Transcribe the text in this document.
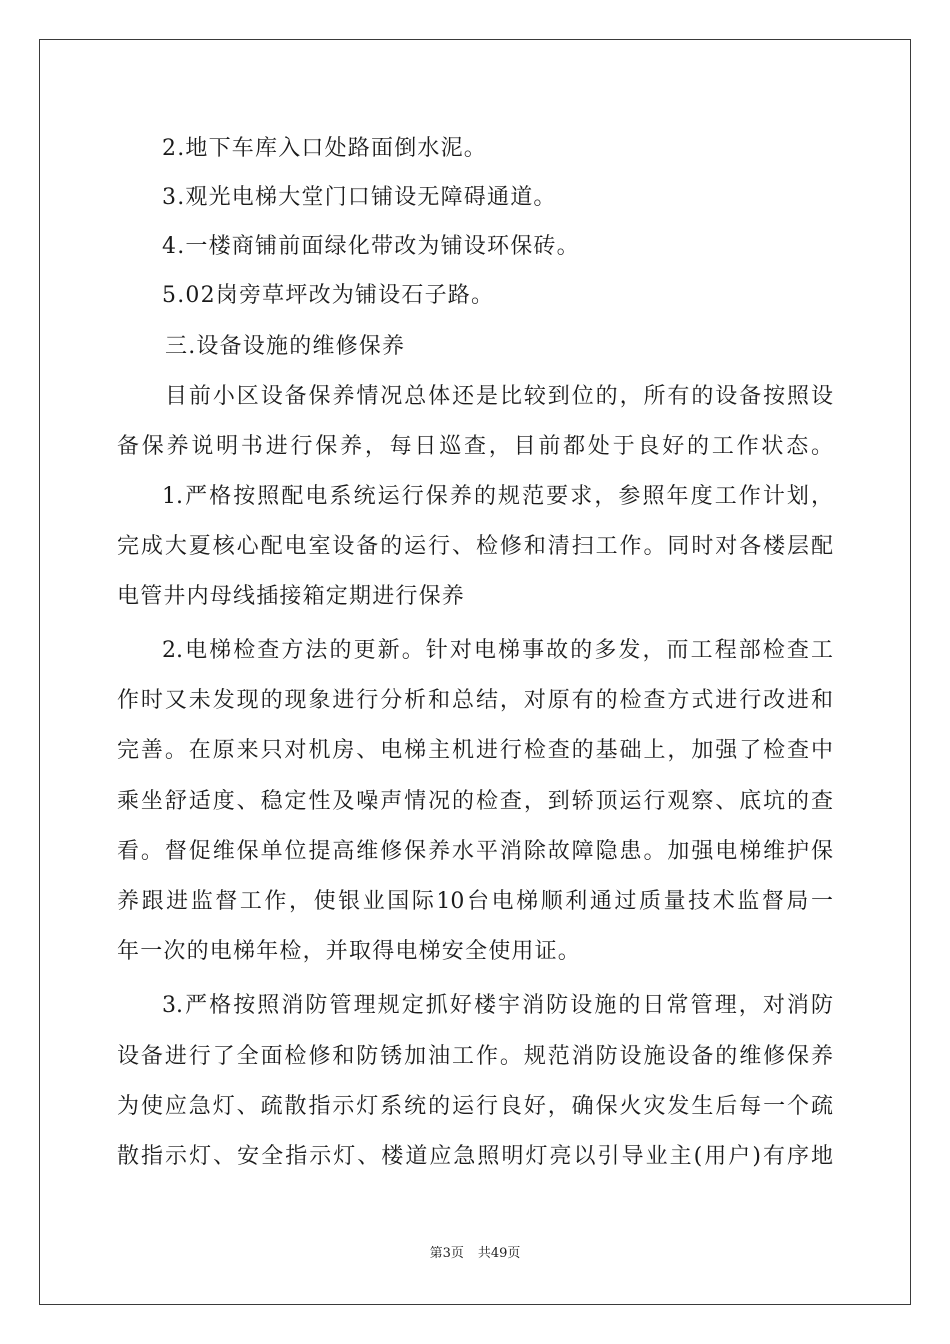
2.地下车库入口处路面倒水泥。
3.观光电梯大堂门口铺设无障碍通道。
4.一楼商铺前面绿化带改为铺设环保砖。
5.02岗旁草坪改为铺设石子路。
三.设备设施的维修保养
目前小区设备保养情况总体还是比较到位的，所有的设备按照设
备保养说明书进行保养，每日巡查，目前都处于良好的工作状态。
1.严格按照配电系统运行保养的规范要求，参照年度工作计划，
完成大夏核心配电室设备的运行、检修和清扫工作。同时对各楼层配
电管井内母线插接箱定期进行保养
2.电梯检查方法的更新。针对电梯事故的多发，而工程部检查工
作时又未发现的现象进行分析和总结，对原有的检查方式进行改进和
完善。在原来只对机房、电梯主机进行检查的基础上，加强了检查中
乘坐舒适度、稳定性及噪声情况的检查，到轿顶运行观察、底坑的查
看。督促维保单位提高维修保养水平消除故障隐患。加强电梯维护保
养跟进监督工作，使银业国际10台电梯顺利通过质量技术监督局一
年一次的电梯年检，并取得电梯安全使用证。
3.严格按照消防管理规定抓好楼宇消防设施的日常管理，对消防
设备进行了全面检修和防锈加油工作。规范消防设施设备的维修保养
为使应急灯、疏散指示灯系统的运行良好，确保火灾发生后每一个疏
散指示灯、安全指示灯、楼道应急照明灯亮以引导业主(用户)有序地
第3页 共49页
